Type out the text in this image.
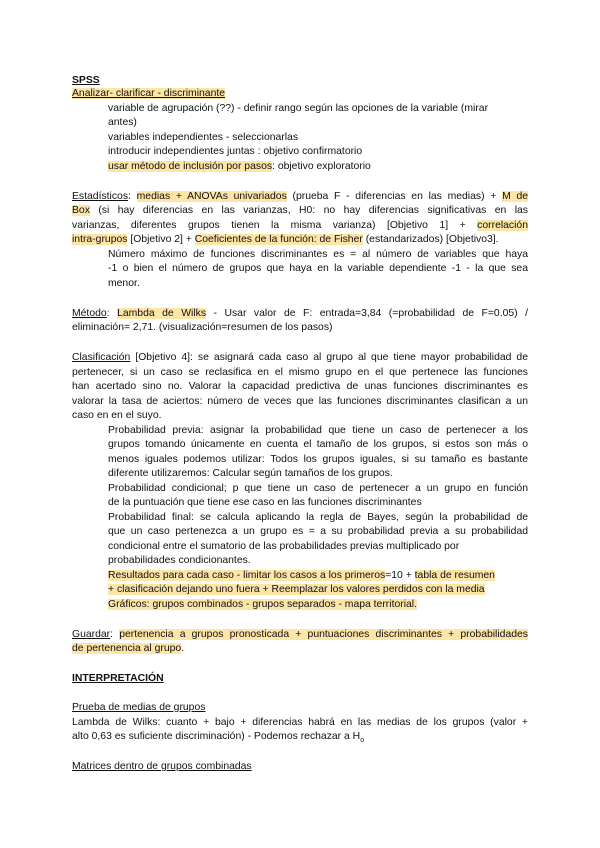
SPSS
Analizar- clarificar - discriminante
variable de agrupación (??) - definir rango según las opciones de la variable (mirar
antes)
variables independientes - seleccionarlas
introducir independientes juntas : objetivo confirmatorio
usar método de inclusión por pasos: objetivo exploratorio
Estadísticos: medias + ANOVAs univariados (prueba F - diferencias en las medias) + M de
Box (si hay diferencias en las varianzas, H0: no hay diferencias significativas en las
varianzas, diferentes grupos tienen la misma varianza) [Objetivo 1] + correlación
intra-grupos [Objetivo 2] + Coeficientes de la función: de Fisher (estandarizados) [Objetivo3].
Número máximo de funciones discriminantes es = al número de variables que haya
-1 o bien el número de grupos que haya en la variable dependiente -1 - la que sea
menor.
Método: Lambda de Wilks - Usar valor de F: entrada=3,84 (=probabilidad de F=0.05) /
eliminación= 2,71. (visualización=resumen de los pasos)
Clasificación [Objetivo 4]: se asignará cada caso al grupo al que tiene mayor probabilidad de
pertenecer, si un caso se reclasifica en el mismo grupo en el que pertenece las funciones
han acertado sino no. Valorar la capacidad predictiva de unas funciones discriminantes es
valorar la tasa de aciertos: número de veces que las funciones discriminantes clasifican a un
caso en en el suyo.
Probabilidad previa: asignar la probabilidad que tiene un caso de pertenecer a los
grupos tomando únicamente en cuenta el tamaño de los grupos, si estos son más o
menos iguales podemos utilizar: Todos los grupos iguales, si su tamaño es bastante
diferente utilizaremos: Calcular según tamaños de los grupos.
Probabilidad condicional; p que tiene un caso de pertenecer a un grupo en función
de la puntuación que tiene ese caso en las funciones discriminantes
Probabilidad final: se calcula aplicando la regla de Bayes, según la probabilidad de
que un caso pertenezca a un grupo es = a su probabilidad previa a su probabilidad
condicional entre el sumatorio de las probabilidades previas multiplicado por
probabilidades condicionantes.
Resultados para cada caso - limitar los casos a los primeros=10 + tabla de resumen
+ clasificación dejando uno fuera + Reemplazar los valores perdidos con la media
Gráficos: grupos combinados - grupos separados - mapa territorial.
Guardar: pertenencia a grupos pronosticada + puntuaciones discriminantes + probabilidades
de pertenencia al grupo.
INTERPRETACIÓN
Prueba de medias de grupos
Lambda de Wilks: cuanto + bajo + diferencias habrá en las medias de los grupos (valor +
alto 0,63 es suficiente discriminación) - Podemos rechazar a $H_o$
Matrices dentro de grupos combinadas
